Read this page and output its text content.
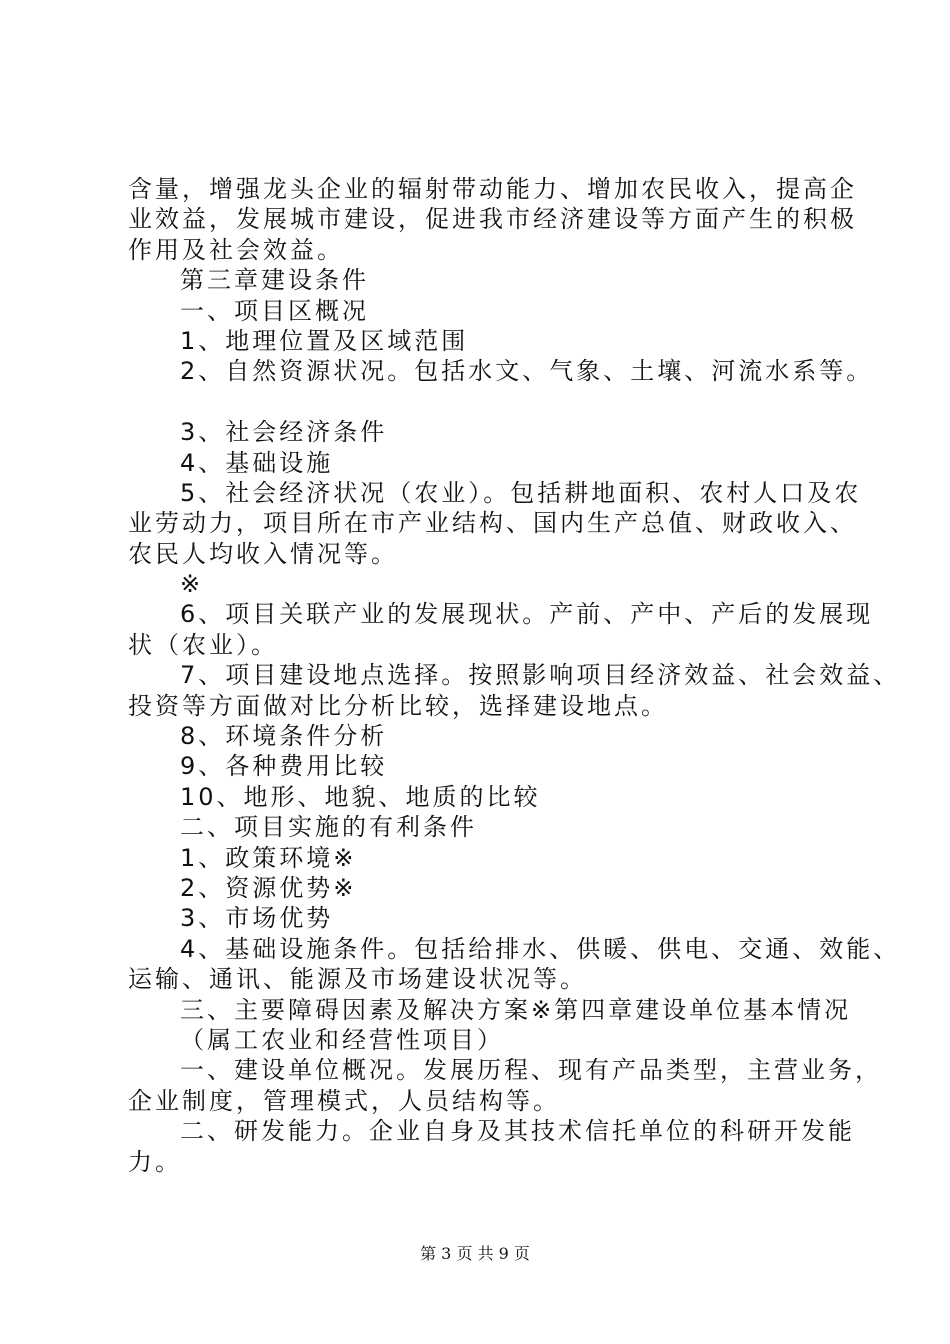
含量，增强龙头企业的辐射带动能力、增加农民收入，提高企
业效益，发展城市建设，促进我市经济建设等方面产生的积极
作用及社会效益。
第三章建设条件
一、项目区概况
1、地理位置及区域范围
2、自然资源状况。包括水文、气象、土壤、河流水系等。
3、社会经济条件
4、基础设施
5、社会经济状况（农业）。包括耕地面积、农村人口及农
业劳动力，项目所在市产业结构、国内生产总值、财政收入、
农民人均收入情况等。
※
6、项目关联产业的发展现状。产前、产中、产后的发展现
状（农业）。
7、项目建设地点选择。按照影响项目经济效益、社会效益、
投资等方面做对比分析比较，选择建设地点。
8、环境条件分析
9、各种费用比较
10、地形、地貌、地质的比较
二、项目实施的有利条件
1、政策环境※
2、资源优势※
3、市场优势
4、基础设施条件。包括给排水、供暖、供电、交通、效能、
运输、通讯、能源及市场建设状况等。
三、主要障碍因素及解决方案※第四章建设单位基本情况
（属工农业和经营性项目）
一、建设单位概况。发展历程、现有产品类型，主营业务，
企业制度，管理模式，人员结构等。
二、研发能力。企业自身及其技术信托单位的科研开发能
力。
第 3 页 共 9 页
